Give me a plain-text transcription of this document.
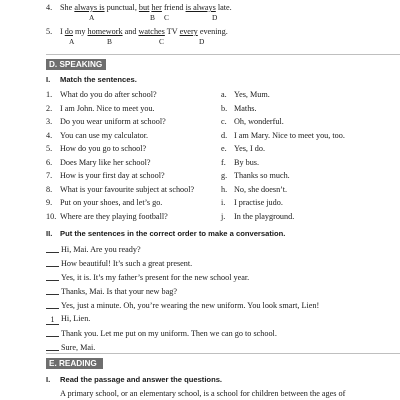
4. She always is punctual, but her friend is always late.
A	B C	D
5. I do my homework and watches TV every evening.
A	B	C	D
D. SPEAKING
I. Match the sentences.
1. What do you do after school?	a. Yes, Mum.
2. I am John. Nice to meet you.	b. Maths.
3. Do you wear uniform at school?	c. Oh, wonderful.
4. You can use my calculator.	d. I am Mary. Nice to meet you, too.
5. How do you go to school?	e. Yes, I do.
6. Does Mary like her school?	f. By bus.
7. How is your first day at school?	g. Thanks so much.
8. What is your favourite subject at school?	h. No, she doesn’t.
9. Put on your shoes, and let’s go.	i. I practise judo.
10. Where are they playing football?	j. In the playground.
II. Put the sentences in the correct order to make a conversation.
Hi, Mai. Are you ready?
How beautiful! It’s such a great present.
Yes, it is. It’s my father’s present for the new school year.
Thanks, Mai. Is that your new bag?
Yes, just a minute. Oh, you’re wearing the new uniform. You look smart, Lien!
1 Hi, Lien.
Thank you. Let me put on my uniform. Then we can go to school.
Sure, Mai.
E. READING
I. Read the passage and answer the questions.
A primary school, or an elementary school, is a school for children between the ages of
